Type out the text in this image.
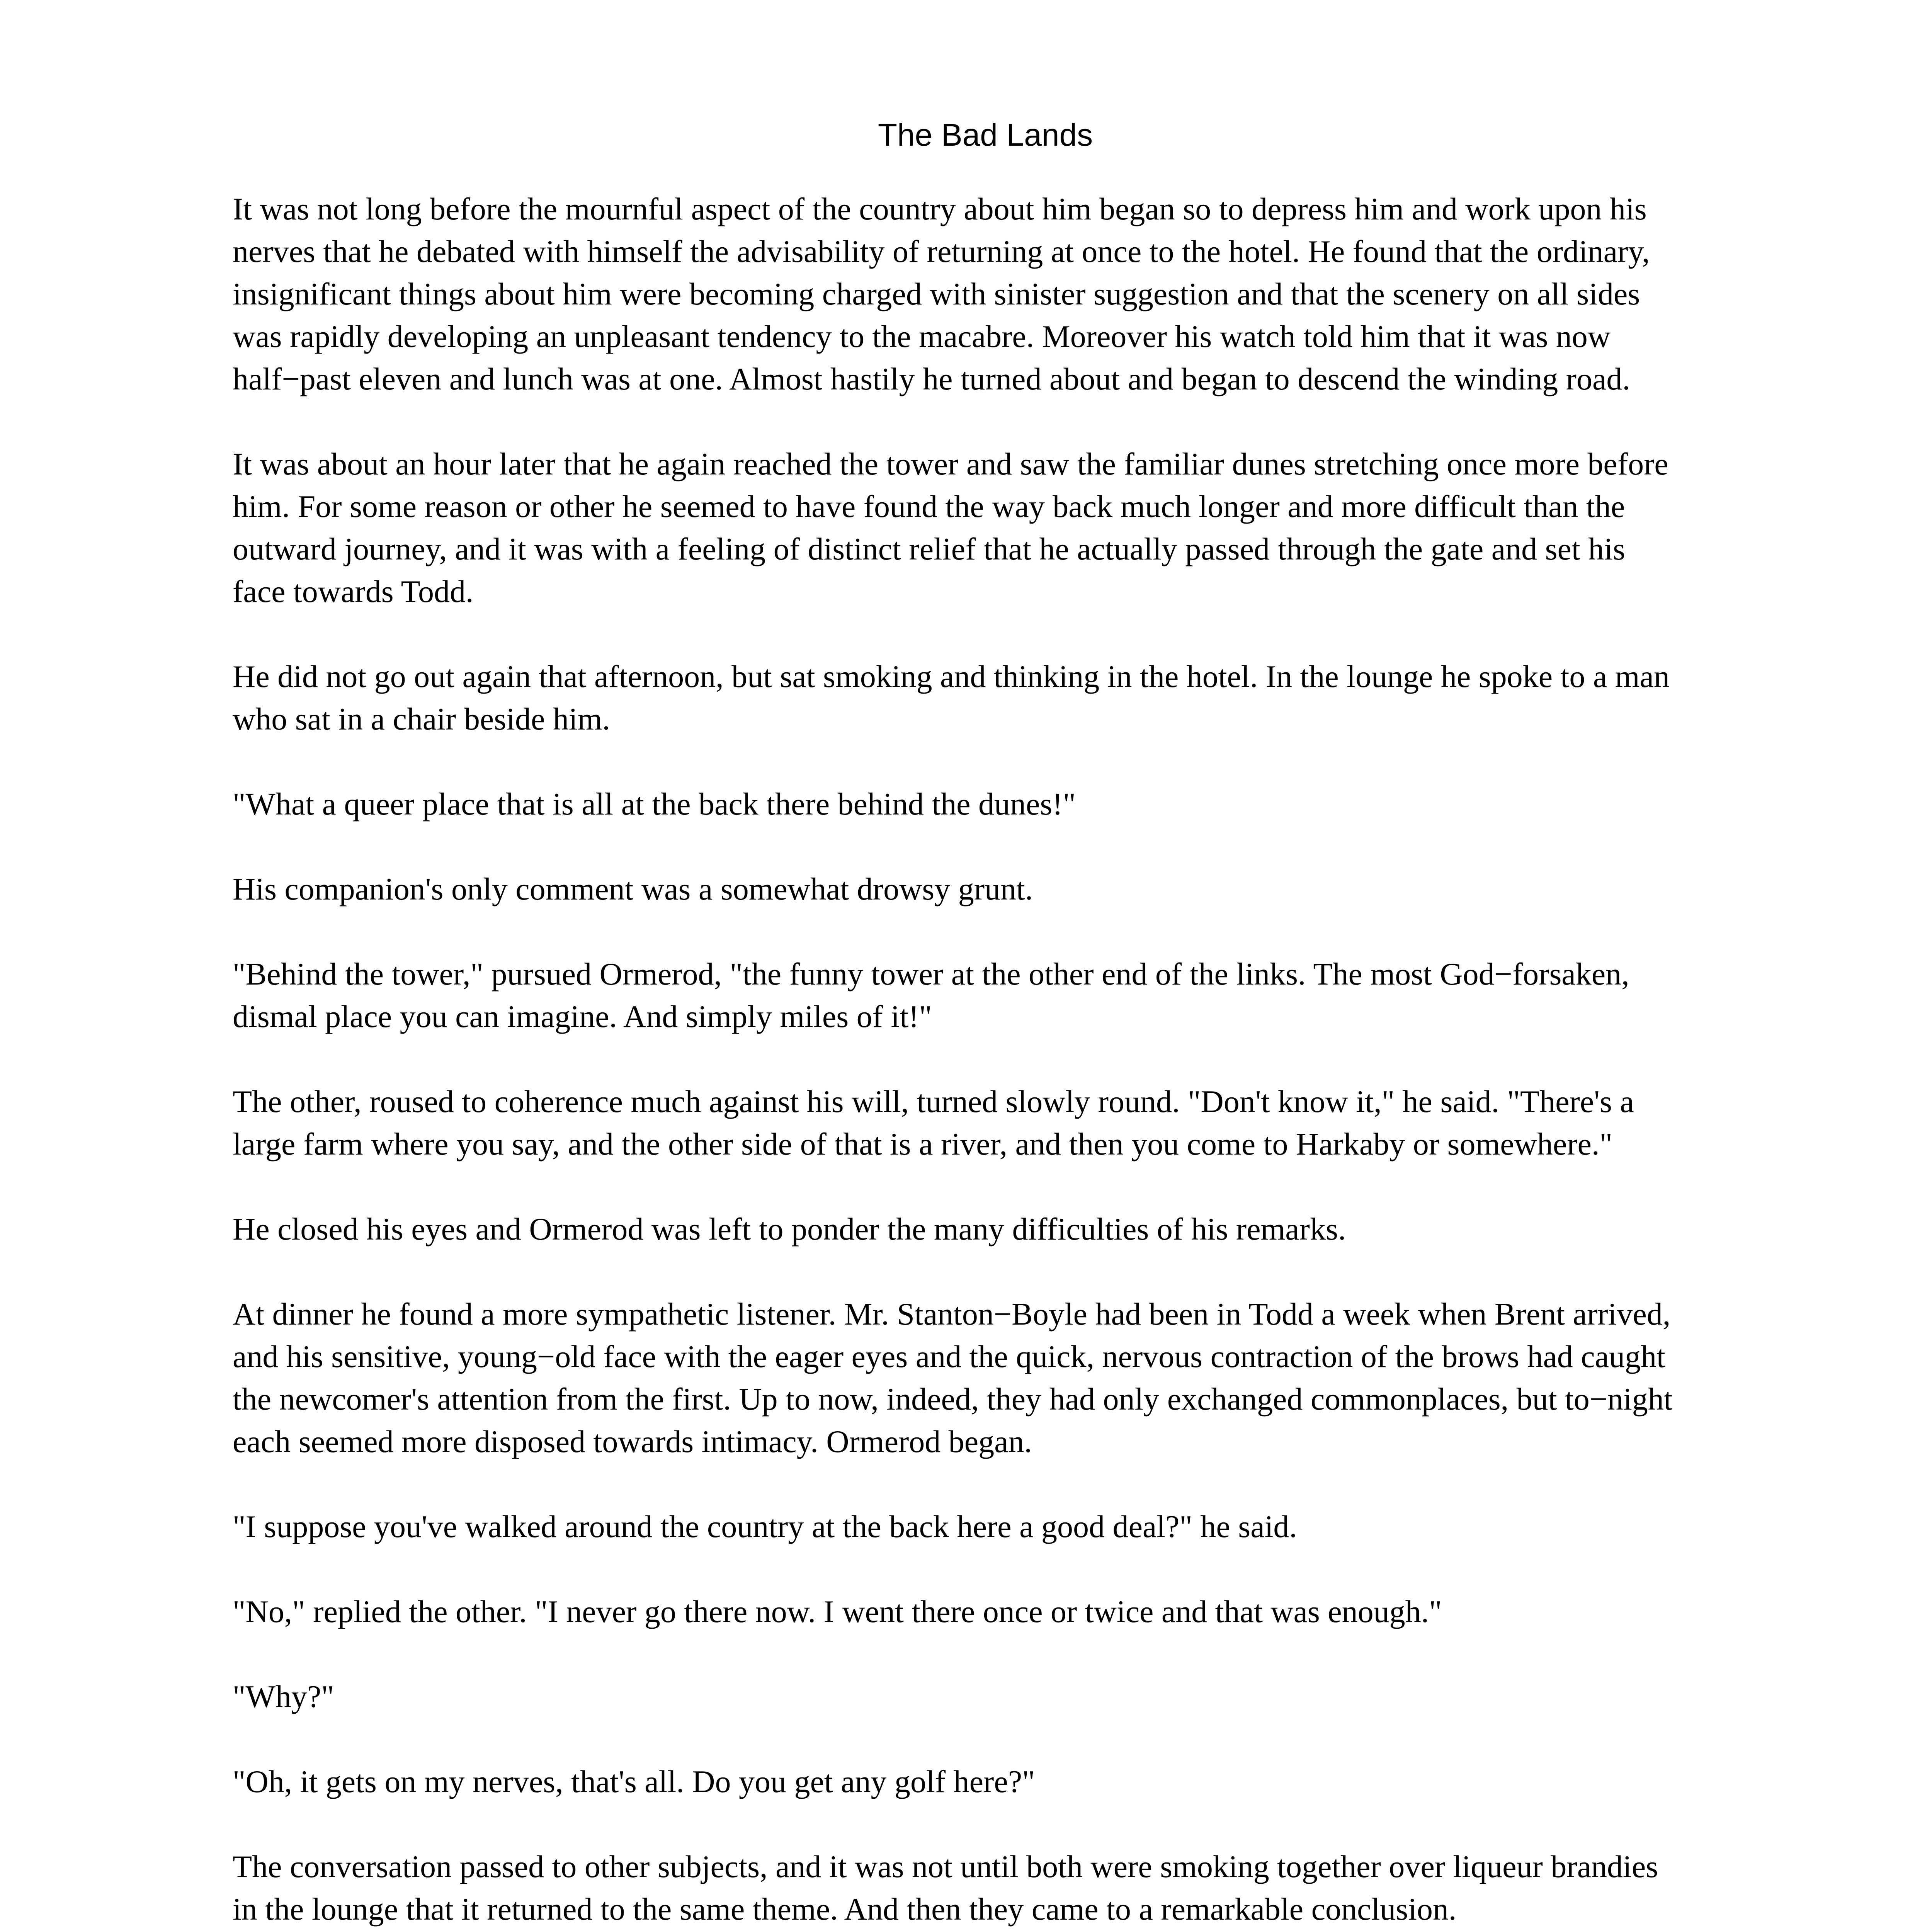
The Bad Lands

It was not long before the mournful aspect of the country about him began so to depress him and work upon his
nerves that he debated with himself the advisability of returning at once to the hotel. He found that the ordinary,
insignificant things about him were becoming charged with sinister suggestion and that the scenery on all sides
was rapidly developing an unpleasant tendency to the macabre. Moreover his watch told him that it was now
half−past eleven and lunch was at one. Almost hastily he turned about and began to descend the winding road.

It was about an hour later that he again reached the tower and saw the familiar dunes stretching once more before
him. For some reason or other he seemed to have found the way back much longer and more difficult than the
outward journey, and it was with a feeling of distinct relief that he actually passed through the gate and set his
face towards Todd.

He did not go out again that afternoon, but sat smoking and thinking in the hotel. In the lounge he spoke to a man
who sat in a chair beside him.

"What a queer place that is all at the back there behind the dunes!"

His companion's only comment was a somewhat drowsy grunt.

"Behind the tower," pursued Ormerod, "the funny tower at the other end of the links. The most God−forsaken,
dismal place you can imagine. And simply miles of it!"

The other, roused to coherence much against his will, turned slowly round. "Don't know it," he said. "There's a
large farm where you say, and the other side of that is a river, and then you come to Harkaby or somewhere."

He closed his eyes and Ormerod was left to ponder the many difficulties of his remarks.

At dinner he found a more sympathetic listener. Mr. Stanton−Boyle had been in Todd a week when Brent arrived,
and his sensitive, young−old face with the eager eyes and the quick, nervous contraction of the brows had caught
the newcomer's attention from the first. Up to now, indeed, they had only exchanged commonplaces, but to−night
each seemed more disposed towards intimacy. Ormerod began.

"I suppose you've walked around the country at the back here a good deal?" he said.

"No," replied the other. "I never go there now. I went there once or twice and that was enough."

"Why?"

"Oh, it gets on my nerves, that's all. Do you get any golf here?"

The conversation passed to other subjects, and it was not until both were smoking together over liqueur brandies
in the lounge that it returned to the same theme. And then they came to a remarkable conclusion.
